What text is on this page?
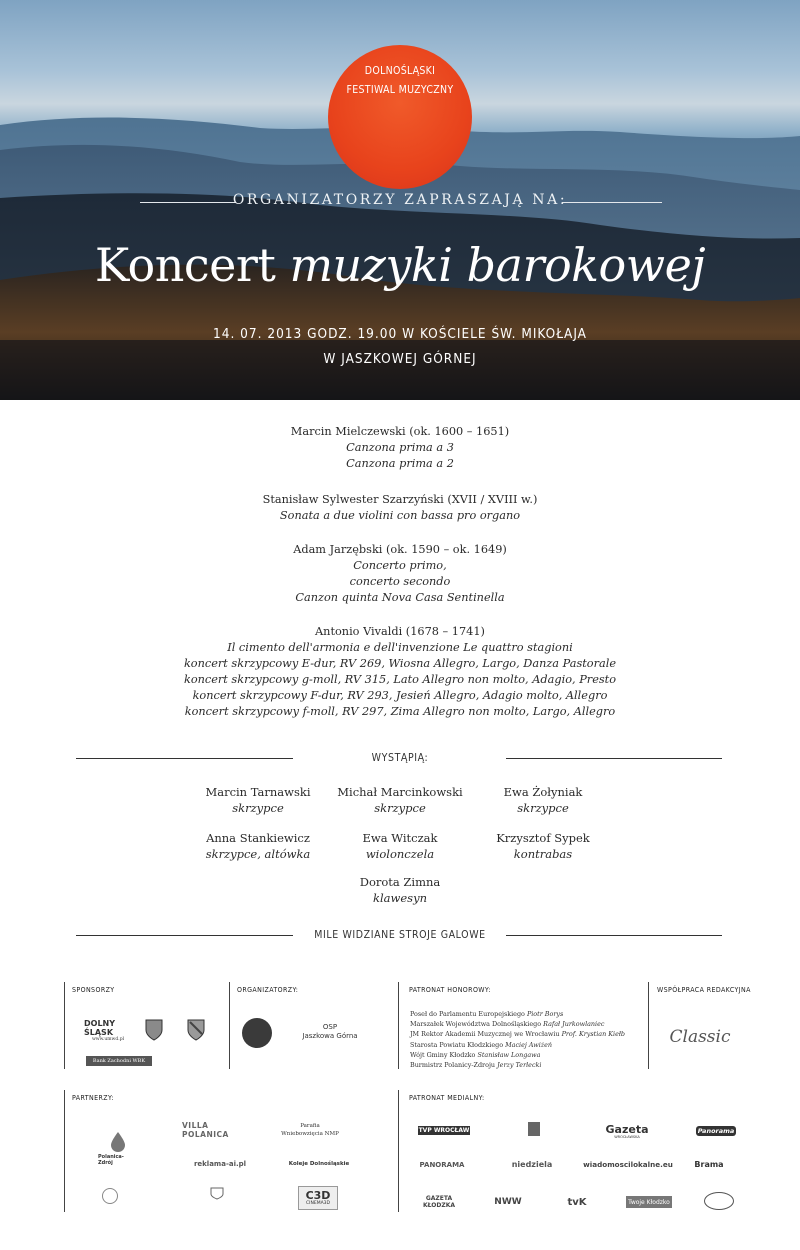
DOLNOŚLĄSKI
FESTIWAL MUZYCZNY
ORGANIZATORZY ZAPRASZAJĄ NA:
Koncert muzyki barokowej
14. 07. 2013 GODZ. 19.00 W KOŚCIELE ŚW. MIKOŁAJA
W JASZKOWEJ GÓRNEJ
Marcin Mielczewski (ok. 1600 – 1651)
Canzona prima a 3
Canzona prima a 2
Stanisław Sylwester Szarzyński (XVII / XVIII w.)
Sonata a due violini con bassa pro organo
Adam Jarzębski (ok. 1590 – ok. 1649)
Concerto primo,
concerto secondo
Canzon quinta Nova Casa Sentinella
Antonio Vivaldi (1678 – 1741)
Il cimento dell'armonia e dell'invenzione Le quattro stagioni
koncert skrzypcowy E-dur, RV 269, Wiosna Allegro, Largo, Danza Pastorale
koncert skrzypcowy g-moll, RV 315, Lato Allegro non molto, Adagio, Presto
koncert skrzypcowy F-dur, RV 293, Jesień Allegro, Adagio molto, Allegro
koncert skrzypcowy f-moll, RV 297, Zima Allegro non molto, Largo, Allegro
WYSTĄPIĄ:
Marcin Tarnawski
skrzypce
Michał Marcinkowski
skrzypce
Ewa Żołyniak
skrzypce
Anna Stankiewicz
skrzypce, altówka
Ewa Witczak
wiolonczela
Krzysztof Sypek
kontrabas
Dorota Zimna
klawesyn
MILE WIDZIANE STROJE GALOWE
SPONSORZY	ORGANIZATORZY:	PATRONAT HONOROWY:	WSPÓŁPRACA REDAKCYJNA
PARTNERZY:	PATRONAT MEDIALNY:
DOLNY ŚLĄSK
www.umwd.pl
Bank Zachodni WBK
OSP
Jaszkowa Górna
Poseł do Parlamentu Europejskiego Piotr Borys
Marszałek Województwa Dolnośląskiego Rafał Jurkowlaniec
JM Rektor Akademii Muzycznej we Wrocławiu Prof. Krystian Kiełb
Starosta Powiatu Kłodzkiego Maciej Awiżeń
Wójt Gminy Kłodzko Stanisław Longawa
Burmistrz Polanicy-Zdroju Jerzy Terlecki
Classic
Polanica-Zdrój
VILLA POLANICA
Parafia
Wniebowzięcia NMP
reklama-ai.pl	Koleje Dolnośląskie
C3D
CINEMA3D
TVP WROCŁAW	Gazeta
WROCŁAWSKA
Panorama
PANORAMA	niedziela	wiadomoscilokalne.eu	Brama
GAZETA KŁODZKA	NWW	tvK	Twoje Kłodzko
